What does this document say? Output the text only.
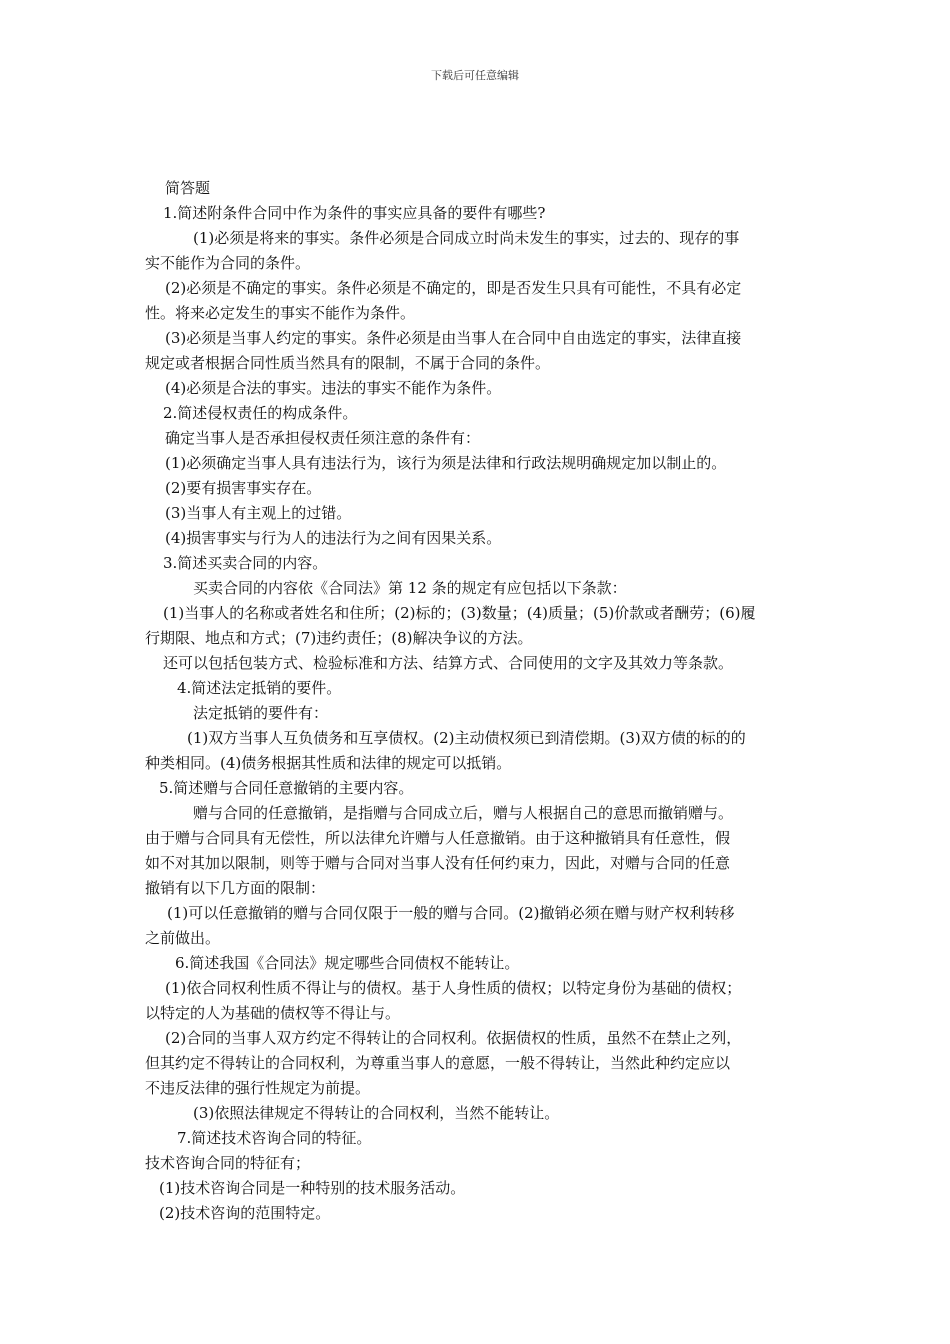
下载后可任意编辑
简答题
1.简述附条件合同中作为条件的事实应具备的要件有哪些?
(1)必须是将来的事实。条件必须是合同成立时尚未发生的事实，过去的、现存的事
实不能作为合同的条件。
(2)必须是不确定的事实。条件必须是不确定的，即是否发生只具有可能性，不具有必定
性。将来必定发生的事实不能作为条件。
(3)必须是当事人约定的事实。条件必须是由当事人在合同中自由选定的事实，法律直接
规定或者根据合同性质当然具有的限制，不属于合同的条件。
(4)必须是合法的事实。违法的事实不能作为条件。
2.简述侵权责任的构成条件。
确定当事人是否承担侵权责任须注意的条件有：
(1)必须确定当事人具有违法行为，该行为须是法律和行政法规明确规定加以制止的。
(2)要有损害事实存在。
(3)当事人有主观上的过错。
(4)损害事实与行为人的违法行为之间有因果关系。
3.简述买卖合同的内容。
买卖合同的内容依《合同法》第 12 条的规定有应包括以下条款：
(1)当事人的名称或者姓名和住所；(2)标的；(3)数量；(4)质量；(5)价款或者酬劳；(6)履
行期限、地点和方式；(7)违约责任；(8)解决争议的方法。
还可以包括包装方式、检验标准和方法、结算方式、合同使用的文字及其效力等条款。
4.简述法定抵销的要件。
法定抵销的要件有：
(1)双方当事人互负债务和互享债权。(2)主动债权须已到清偿期。(3)双方债的标的的
种类相同。(4)债务根据其性质和法律的规定可以抵销。
5.简述赠与合同任意撤销的主要内容。
赠与合同的任意撤销，是指赠与合同成立后，赠与人根据自己的意思而撤销赠与。
由于赠与合同具有无偿性，所以法律允许赠与人任意撤销。由于这种撤销具有任意性，假
如不对其加以限制，则等于赠与合同对当事人没有任何约束力，因此，对赠与合同的任意
撤销有以下几方面的限制：
(1)可以任意撤销的赠与合同仅限于一般的赠与合同。(2)撤销必须在赠与财产权利转移
之前做出。
6.简述我国《合同法》规定哪些合同债权不能转让。
(1)依合同权利性质不得让与的债权。基于人身性质的债权；以特定身份为基础的债权；
以特定的人为基础的债权等不得让与。
(2)合同的当事人双方约定不得转让的合同权利。依据债权的性质，虽然不在禁止之列，
但其约定不得转让的合同权利，为尊重当事人的意愿，一般不得转让，当然此种约定应以
不违反法律的强行性规定为前提。
(3)依照法律规定不得转让的合同权利，当然不能转让。
7.简述技术咨询合同的特征。
技术咨询合同的特征有；
(1)技术咨询合同是一种特别的技术服务活动。
(2)技术咨询的范围特定。
